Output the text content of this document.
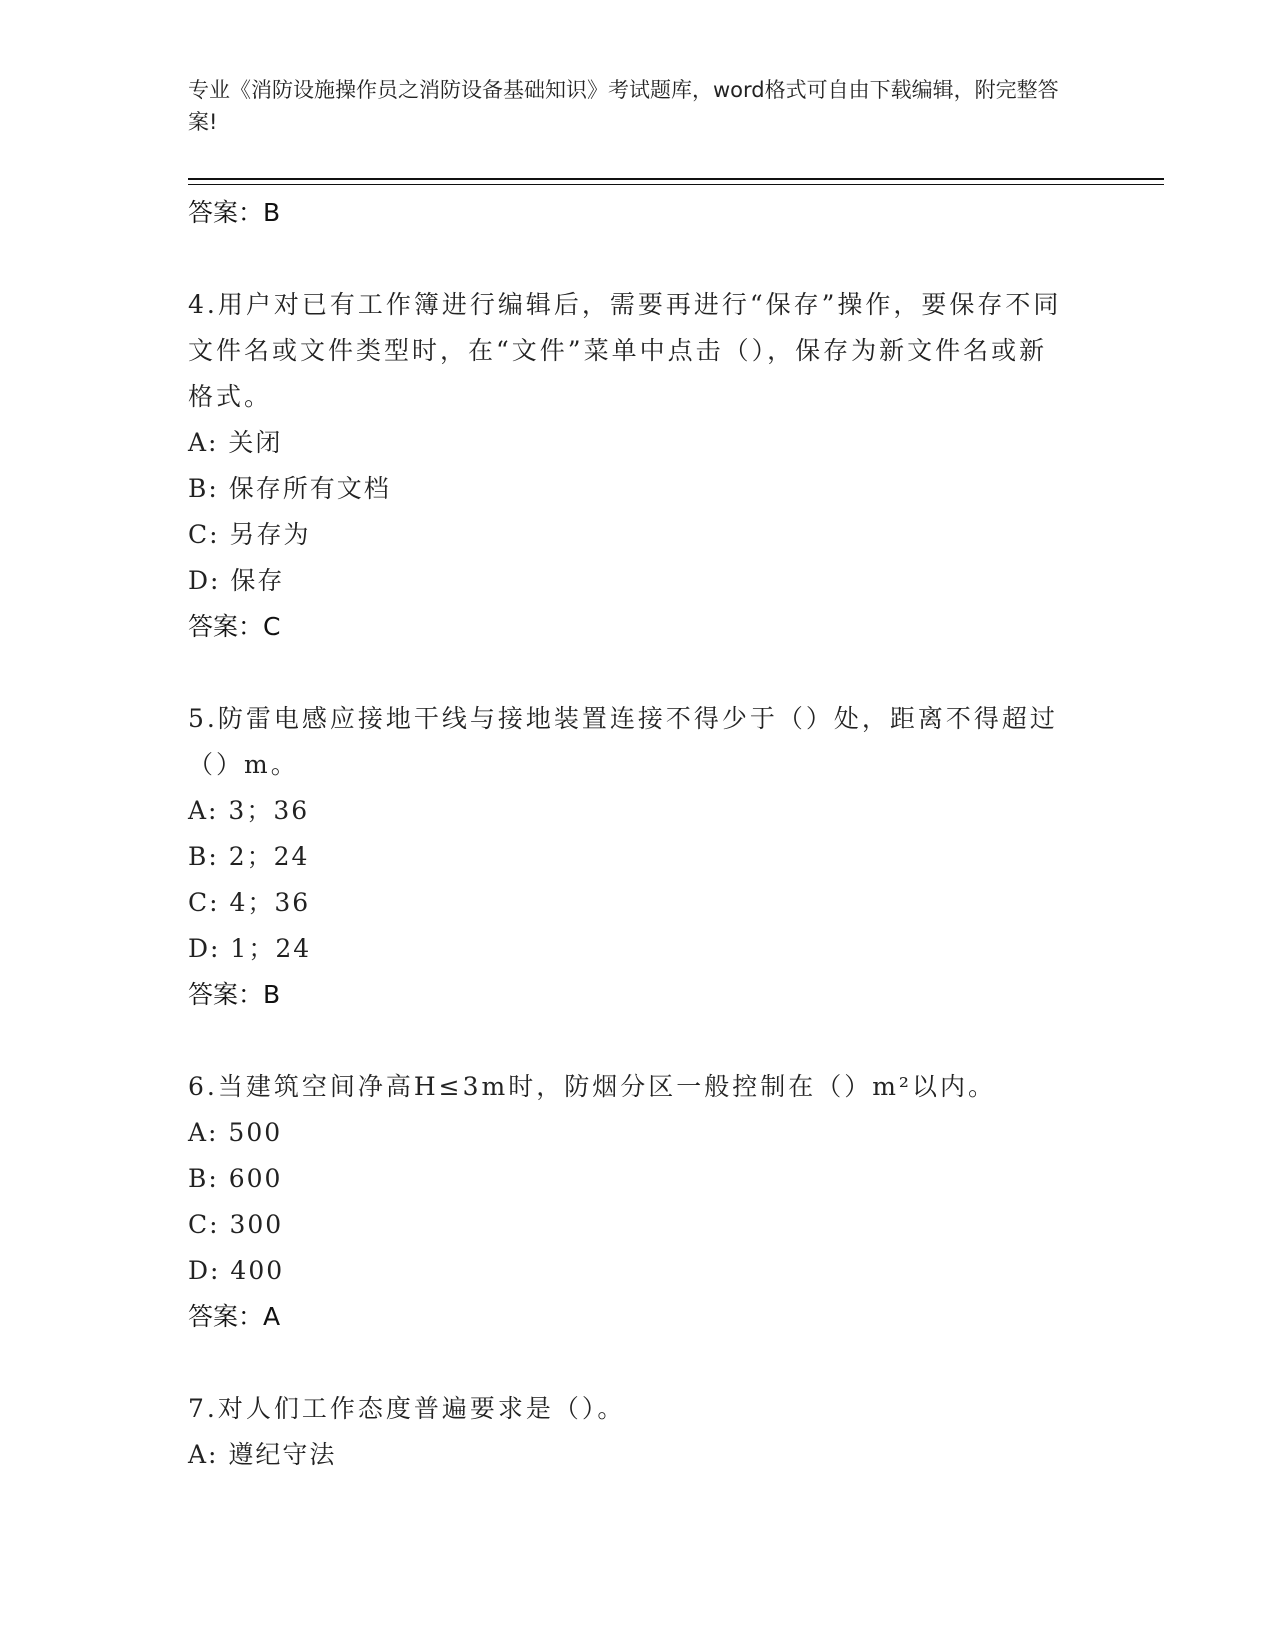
专业《消防设施操作员之消防设备基础知识》考试题库，word格式可自由下载编辑，附完整答案!
答案：B
4.用户对已有工作簿进行编辑后，需要再进行“保存”操作，要保存不同文件名或文件类型时，在“文件”菜单中点击（），保存为新文件名或新格式。
A: 关闭
B: 保存所有文档
C: 另存为
D: 保存
答案：C
5.防雷电感应接地干线与接地装置连接不得少于（）处，距离不得超过（）m。
A: 3；36
B: 2；24
C: 4；36
D: 1；24
答案：B
6.当建筑空间净高H≤3m时，防烟分区一般控制在（）m²以内。
A: 500
B: 600
C: 300
D: 400
答案：A
7.对人们工作态度普遍要求是（）。
A: 遵纪守法
